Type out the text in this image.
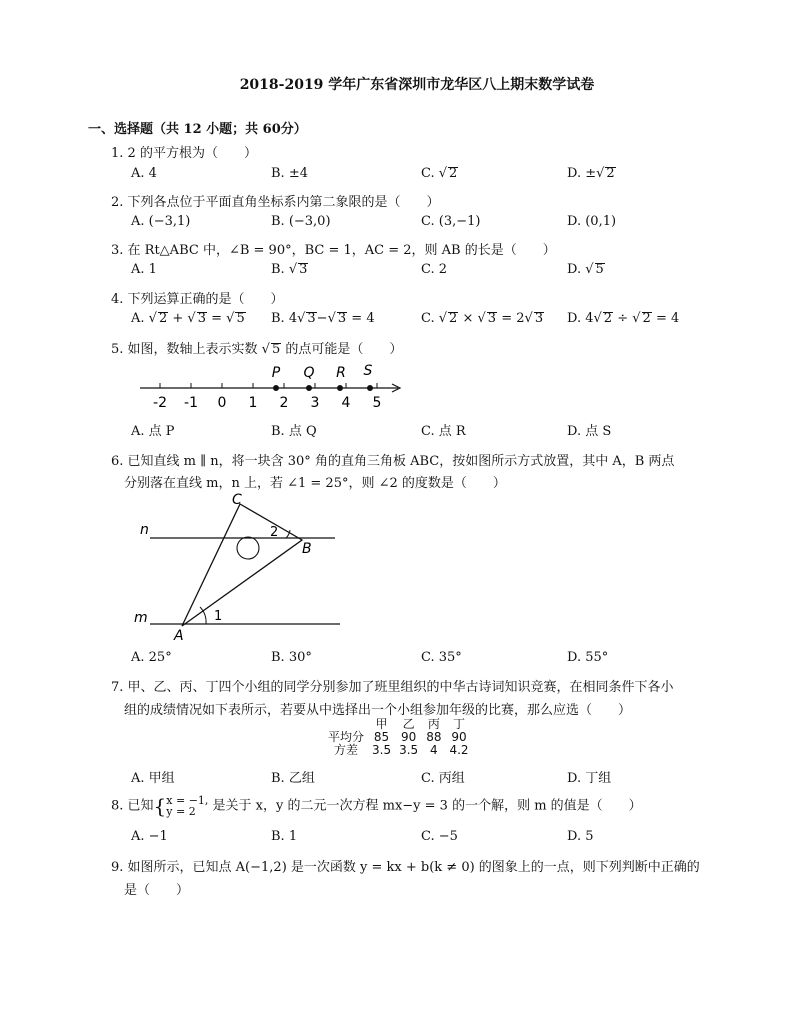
2018-2019 学年广东省深圳市龙华区八上期末数学试卷
一、选择题（共 12 小题；共 60分）
1. 2 的平方根为（　　）
A. 4	B. ±4	C. √ 2	D. ±√ 2
2. 下列各点位于平面直角坐标系内第二象限的是（　　）
A. (−3,1)	B. (−3,0)	C. (3,−1)	D. (0,1)
3. 在 Rt△ABC 中，∠B = 90°，BC = 1，AC = 2，则 AB 的长是（　　）
A. 1	B. √ 3	C. 2	D. √ 5
4. 下列运算正确的是（　　）
A. √ 2 + √ 3 = √ 5 B. 4√ 3−√ 3 = 4	C. √ 2 × √ 3 = 2√ 3 D. 4√ 2 ÷ √ 2 = 4
5. 如图，数轴上表示实数 √ 5 的点可能是（　　）
-2 -1 0 1 2 3 4 5
P Q R S
A. 点 P	B. 点 Q	C. 点 R	D. 点 S
6. 已知直线 m ∥ n，将一块含 30° 角的直角三角板 ABC，按如图所示方式放置，其中 A，B 两点
分别落在直线 m，n 上，若 ∠1 = 25°，则 ∠2 的度数是（　　）
C
n	2
B
m	1
A
A. 25°	B. 30°	C. 35°	D. 55°
7. 甲、乙、丙、丁四个小组的同学分别参加了班里组织的中华古诗词知识竞赛，在相同条件下各小
组的成绩情况如下表所示，若要从中选择出一个小组参加年级的比赛，那么应选（　　）
	甲	乙	丙	丁
平均分	85	90	88	90
方差	3.5	3.5	4	4.2
A. 甲组	B. 乙组	C. 丙组	D. 丁组
8. 已知{x = −1,
y = 2 是关于 x，y 的二元一次方程 mx−y = 3 的一个解，则 m 的值是（　　）
A. −1	B. 1	C. −5	D. 5
9. 如图所示，已知点 A(−1,2) 是一次函数 y = kx + b(k ≠ 0) 的图象上的一点，则下列判断中正确的
是（　　）
